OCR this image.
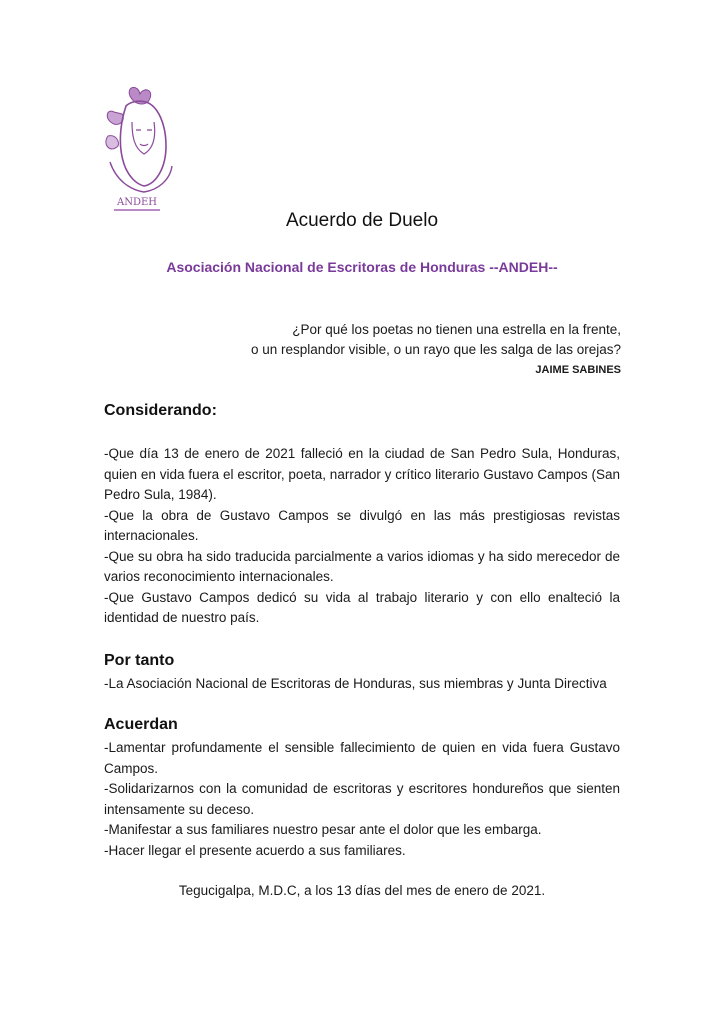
ANDEH
Acuerdo de Duelo
Asociación Nacional de Escritoras de Honduras --ANDEH--
¿Por qué los poetas no tienen una estrella en la frente,
o un resplandor visible, o un rayo que les salga de las orejas?
JAIME SABINES
Considerando:

-Que día 13 de enero de 2021 falleció en la ciudad de San Pedro Sula, Honduras, quien en vida fuera el escritor, poeta, narrador y crítico literario Gustavo Campos (San Pedro Sula, 1984).

-Que la obra de Gustavo Campos se divulgó en las más prestigiosas revistas internacionales.

-Que su obra ha sido traducida parcialmente a varios idiomas y ha sido merecedor de varios reconocimiento internacionales.

-Que Gustavo Campos dedicó su vida al trabajo literario y con ello enalteció la identidad de nuestro país.

Por tanto

-La Asociación Nacional de Escritoras de Honduras, sus miembras y Junta Directiva

Acuerdan

-Lamentar profundamente el sensible fallecimiento de quien en vida fuera Gustavo Campos.

-Solidarizarnos con la comunidad de escritoras y escritores hondureños que sienten intensamente su deceso.

-Manifestar a sus familiares nuestro pesar ante el dolor que les embarga.

-Hacer llegar el presente acuerdo a sus familiares.

Tegucigalpa, M.D.C, a los 13 días del mes de enero de 2021.
